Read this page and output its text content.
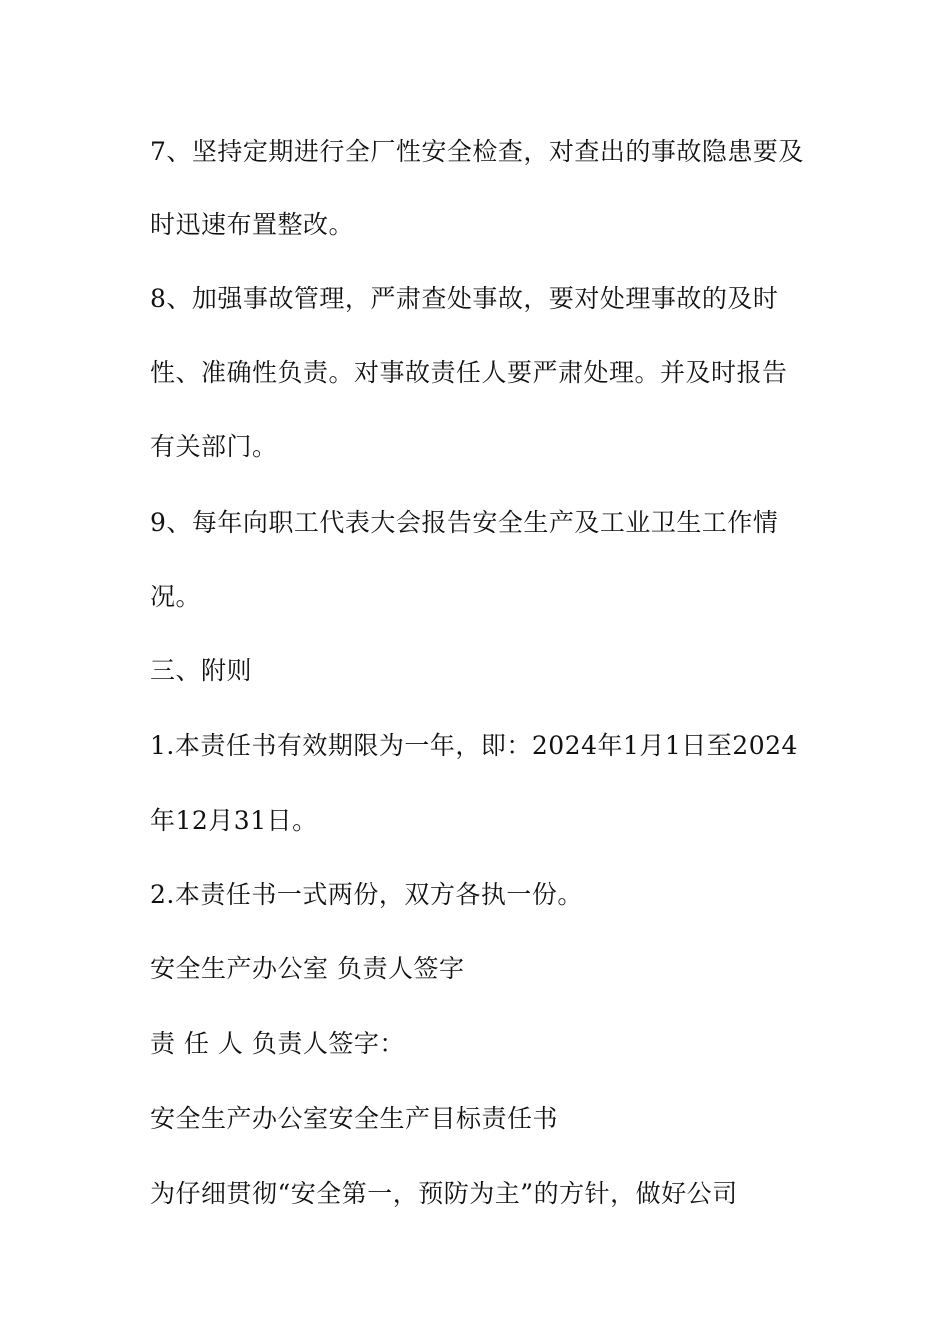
7、坚持定期进行全厂性安全检查，对查出的事故隐患要及
时迅速布置整改。
8、加强事故管理，严肃查处事故，要对处理事故的及时
性、准确性负责。对事故责任人要严肃处理。并及时报告
有关部门。
9、每年向职工代表大会报告安全生产及工业卫生工作情
况。
三、附则
1.本责任书有效期限为一年，即：2024年1月1日至2024
年12月31日。
2.本责任书一式两份，双方各执一份。
安全生产办公室 负责人签字
责 任 人 负责人签字：
安全生产办公室安全生产目标责任书
为仔细贯彻“安全第一，预防为主”的方针，做好公司
